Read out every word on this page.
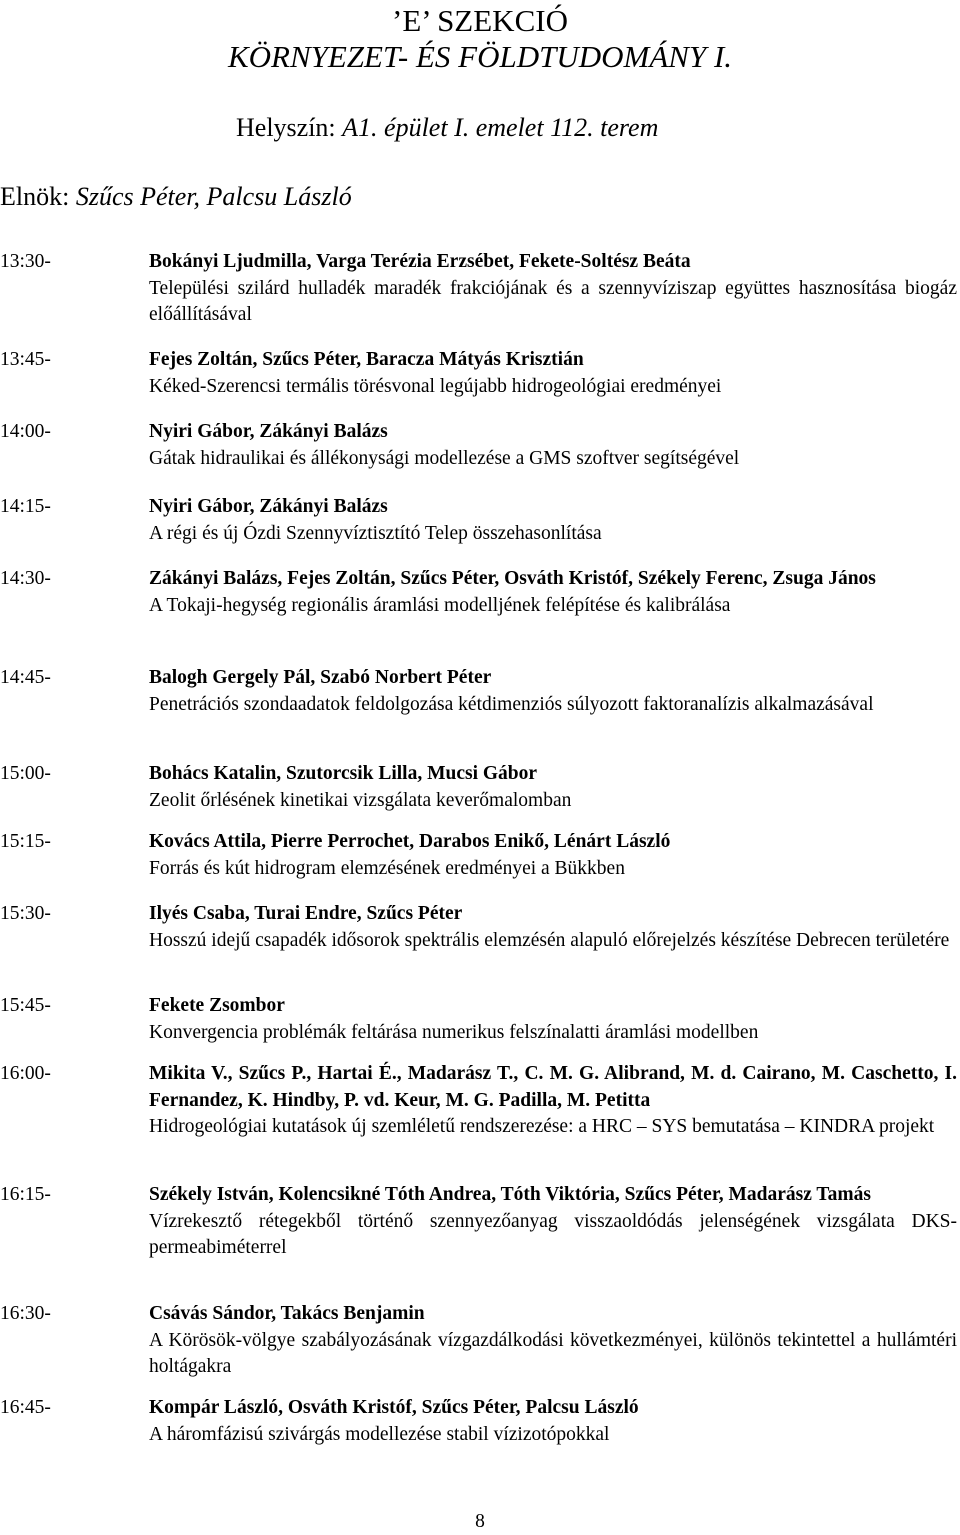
’E’ SZEKCIÓ
KÖRNYEZET- ÉS FÖLDTUDOMÁNY I.
Helyszín: A1. épület I. emelet 112. terem
Elnök: Szűcs Péter, Palcsu László
13:30-	Bokányi Ljudmilla, Varga Terézia Erzsébet, Fekete-Soltész Beáta
Települési szilárd hulladék maradék frakciójának és a szennyvíziszap együttes hasznosítása biogáz előállításával
13:45-	Fejes Zoltán, Szűcs Péter, Baracza Mátyás Krisztián
Kéked-Szerencsi termális törésvonal legújabb hidrogeológiai eredményei
14:00-	Nyiri Gábor, Zákányi Balázs
Gátak hidraulikai és állékonysági modellezése a GMS szoftver segítségével
14:15-	Nyiri Gábor, Zákányi Balázs
A régi és új Ózdi Szennyvíztisztító Telep összehasonlítása
14:30-	Zákányi Balázs, Fejes Zoltán, Szűcs Péter, Osváth Kristóf, Székely Ferenc, Zsuga János
A Tokaji-hegység regionális áramlási modelljének felépítése és kalibrálása
14:45-	Balogh Gergely Pál, Szabó Norbert Péter
Penetrációs szondaadatok feldolgozása kétdimenziós súlyozott faktoranalízis alkalmazásával
15:00-	Bohács Katalin, Szutorcsik Lilla, Mucsi Gábor
Zeolit őrlésének kinetikai vizsgálata keverőmalomban
15:15-	Kovács Attila, Pierre Perrochet, Darabos Enikő, Lénárt László
Forrás és kút hidrogram elemzésének eredményei a Bükkben
15:30-	Ilyés Csaba, Turai Endre, Szűcs Péter
Hosszú idejű csapadék idősorok spektrális elemzésén alapuló előrejelzés készítése Debrecen területére
15:45-	Fekete Zsombor
Konvergencia problémák feltárása numerikus felszínalatti áramlási modellben
16:00-	Mikita V., Szűcs P., Hartai É., Madarász T., C. M. G. Alibrand, M. d. Cairano, M. Caschetto, I. Fernandez, K. Hindby, P. vd. Keur, M. G. Padilla, M. Petitta
Hidrogeológiai kutatások új szemléletű rendszerezése: a HRC – SYS bemutatása – KINDRA projekt
16:15-	Székely István, Kolencsikné Tóth Andrea, Tóth Viktória, Szűcs Péter, Madarász Tamás
Vízrekesztő rétegekből történő szennyezőanyag visszaoldódás jelenségének vizsgálata DKS- permeabiméterrel
16:30-	Csávás Sándor, Takács Benjamin
A Körösök-völgye szabályozásának vízgazdálkodási következményei, különös tekintettel a hullámtéri holtágakra
16:45-	Kompár László, Osváth Kristóf, Szűcs Péter, Palcsu László
A háromfázisú szivárgás modellezése stabil vízizotópokkal
8
